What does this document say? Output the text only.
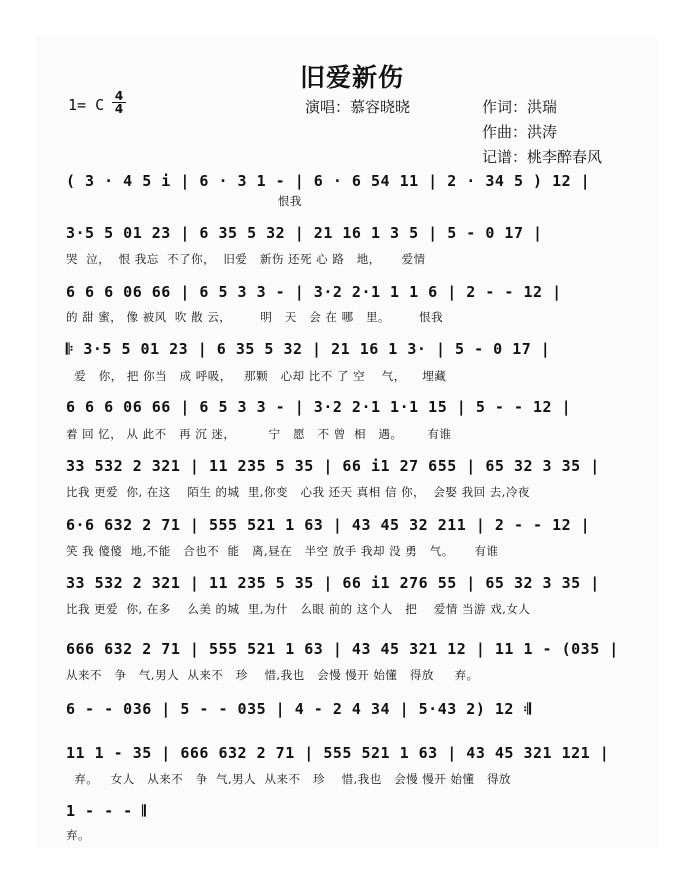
旧爱新伤
1= C $\frac{4}{4}$	演唱：慕容晓晓	作词：洪瑞
作曲：洪涛
记谱：桃李醉春风
( 3 · 4 5 i | 6 · 3 1 - | 6 · 6 54 11 | 2 · 34 5 ) 12 |
恨我
3·5 5 01 23 | 6 35 5 32 | 21 16 1 3 5 | 5 - 0 17 |
哭  泣，  恨 我忘  不了你，  旧爱   新伤 还死 心 路   地，     爱情
6 6 6 06 66 | 6 5 3 3 - | 3·2 2·1 1 1 6 | 2 - - 12 |
的 甜 蜜， 像 被风  吹 散 云，       明   天   会 在 哪   里。       恨我
𝄆 3·5 5 01 23 | 6 35 5 32 | 21 16 1 3· | 5 - 0 17 |
爱   你， 把 你当   成 呼吸，   那颗   心却 比不 了 空    气，    埋藏
6 6 6 06 66 | 6 5 3 3 - | 3·2 2·1 1·1 15 | 5 - - 12 |
着 回 忆， 从 此不   再 沉 迷，        宁   愿   不 曾  相   遇。      有谁
33 532 2 321 | 11 235 5 35 | 66 i1 27 655 | 65 32 3 35 |
比我 更爱  你, 在这    陌生 的城  里,你变   心我 还天 真相 信 你，  会娶 我回 去,冷夜
6·6 632 2 71 | 555 521 1 63 | 43 45 32 211 | 2 - - 12 |
笑 我 傻傻  地,不能   合也不  能   离,昼在   半空 放手 我却 没 勇   气。     有谁
33 532 2 321 | 11 235 5 35 | 66 i1 276 55 | 65 32 3 35 |
比我 更爱  你, 在多    么美 的城  里,为什   么眼 前的 这个人   把    爱情 当游 戏,女人
666 632 2 71 | 555 521 1 63 | 43 45 321 12 | 11 1 - (035 |
从来不   争   气,男人  从来不   珍    惜,我也   会慢 慢开 始懂   得放     弃。
6 - - 036 | 5 - - 035 | 4 - 2 4 34 | 5·43 2) 12 𝄇
11 1 - 35 | 666 632 2 71 | 555 521 1 63 | 43 45 321 121 |
弃。   女人   从来不   争  气,男人  从来不   珍    惜,我也   会慢 慢开 始懂   得放
1 - - - 𝄂
弃。
